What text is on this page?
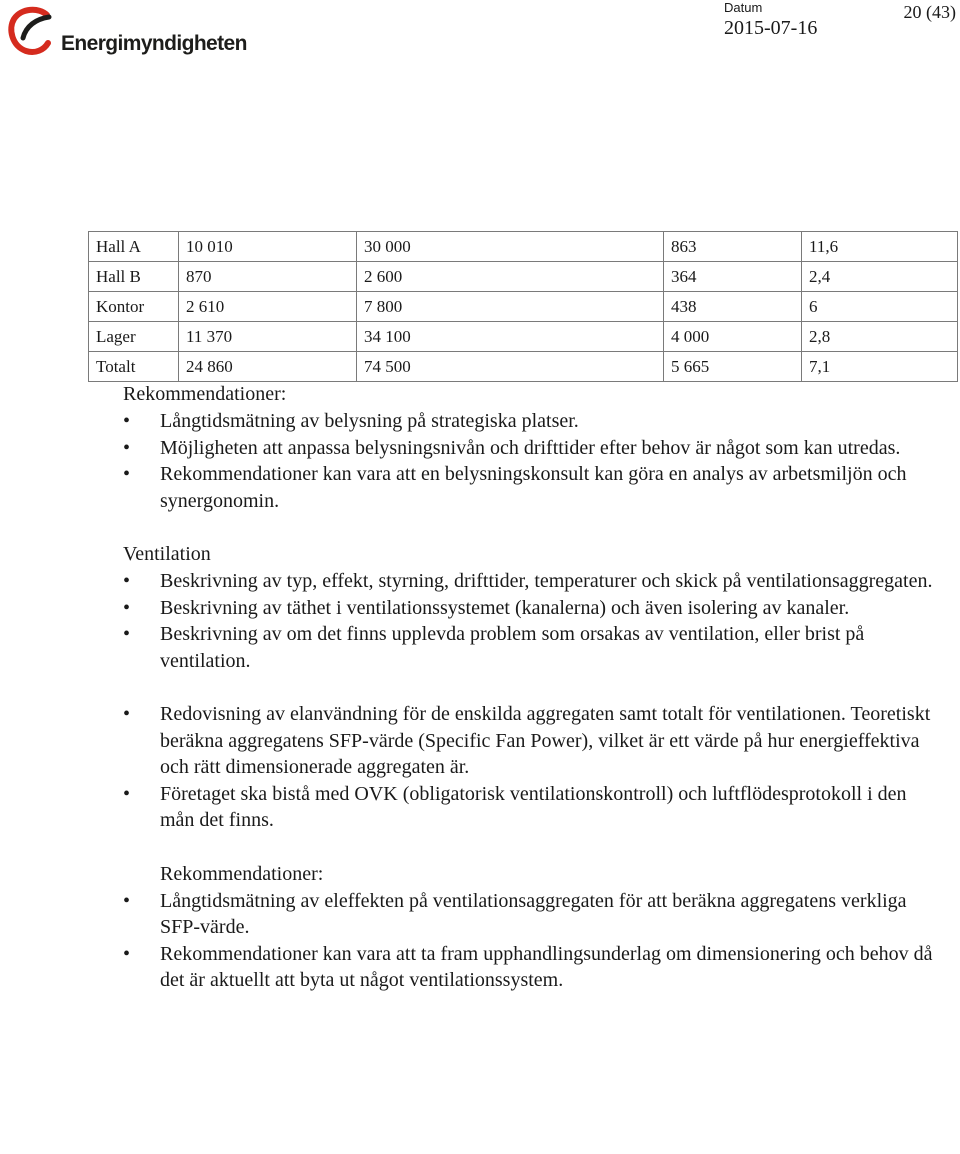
Energimyndigheten
Datum
2015-07-16
20 (43)
Hall A	10 010	30 000	863	11,6
Hall B	870	2 600	364	2,4
Kontor	2 610	7 800	438	6
Lager	11 370	34 100	4 000	2,8
Totalt	24 860	74 500	5 665	7,1
Rekommendationer:
• Långtidsmätning av belysning på strategiska platser.
• Möjligheten att anpassa belysningsnivån och drifttider efter behov är något som kan utredas.
• Rekommendationer kan vara att en belysningskonsult kan göra en analys av arbetsmiljön och synergonomin.
Ventilation
• Beskrivning av typ, effekt, styrning, drifttider, temperaturer och skick på ventilationsaggregaten.
• Beskrivning av täthet i ventilationssystemet (kanalerna) och även isolering av kanaler.
• Beskrivning av om det finns upplevda problem som orsakas av ventilation, eller brist på ventilation.
• Redovisning av elanvändning för de enskilda aggregaten samt totalt för ventilationen. Teoretiskt beräkna aggregatens SFP-värde (Specific Fan Power), vilket är ett värde på hur energieffektiva och rätt dimensionerade aggregaten är.
• Företaget ska bistå med OVK (obligatorisk ventilationskontroll) och luftflödesprotokoll i den mån det finns.
Rekommendationer:
• Långtidsmätning av eleffekten på ventilationsaggregaten för att beräkna aggregatens verkliga SFP-värde.
• Rekommendationer kan vara att ta fram upphandlingsunderlag om dimensionering och behov då det är aktuellt att byta ut något ventilationssystem.
